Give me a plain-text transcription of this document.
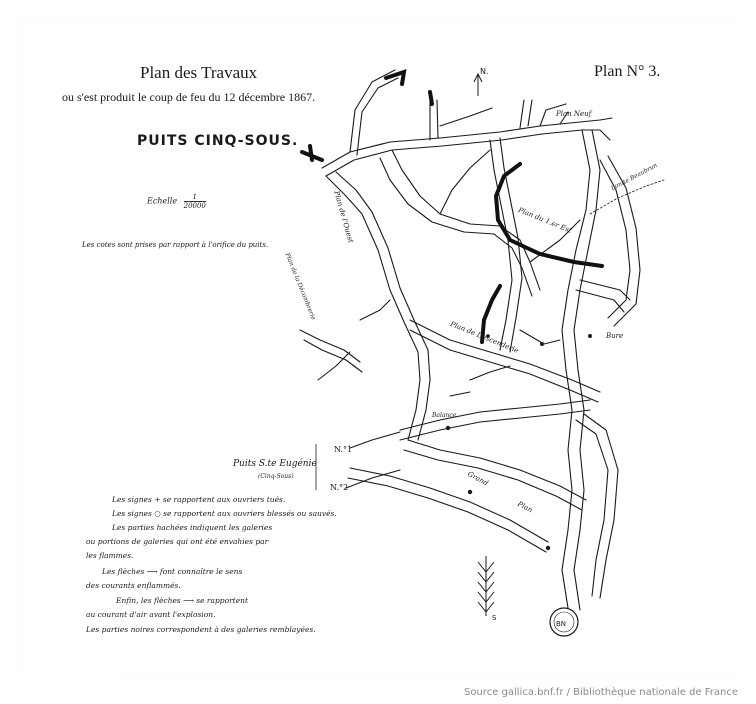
Plan des Travaux
ou s'est produit le coup de feu du 12 décembre 1867.
Plan N° 3.
PUITS CINQ-SOUS.
Echelle $\frac{1}{20000}$
Les cotes sont prises par rapport à l'orifice du puits.
BN
N.
S
Plan Neuf
Limite Beaubrun
Plan du 1.er Est
Plan de l'Ouest
Plan de la Décombrerie
Plan de Descenderie	Bure
Balance
Grand
Plan
Puits S.te Eugénie
(Cinq-Sous)
N.°1
N.°2
Les signes + se rapportent aux ouvriers tués.
Les signes ○ se rapportent aux ouvriers blessés ou sauvés.
Les parties hachées indiquent les galeries
ou portions de galeries qui ont été envahies par
les flammes.
Les flèches ⟶ font connaître le sens
des courants enflammés.
Enfin, les flèches ⟶ se rapportent
au courant d'air avant l'explosion.
Les parties noires correspondent à des galeries remblayées.
Source gallica.bnf.fr / Bibliothèque nationale de France
